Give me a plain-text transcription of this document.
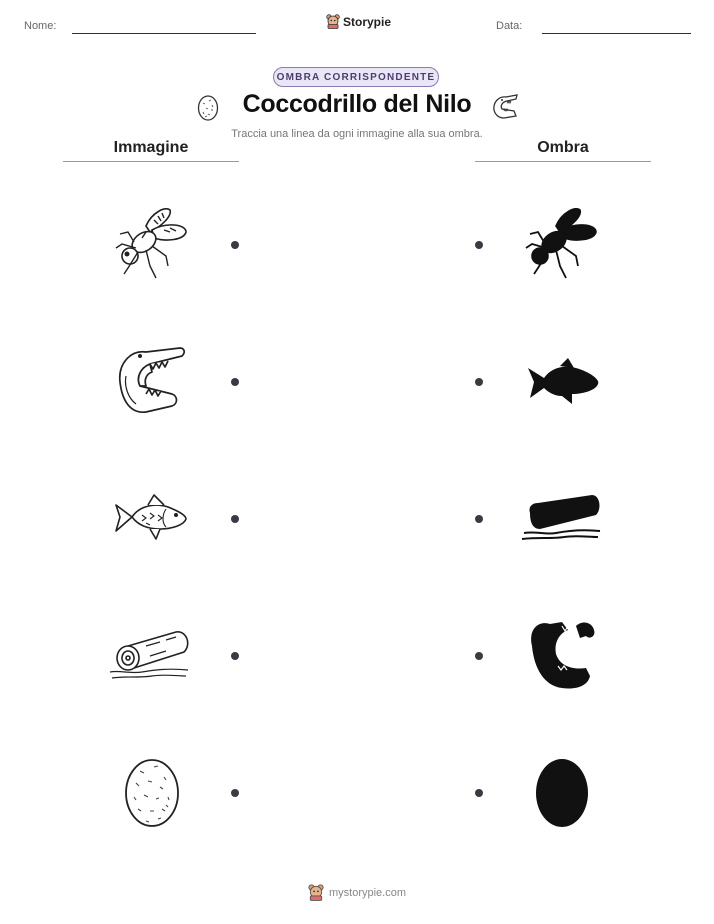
Nome:	Storypie	Data:
OMBRA CORRISPONDENTE
Coccodrillo del Nilo
Traccia una linea da ogni immagine alla sua ombra.
Immagine	Ombra
mystorypie.com
